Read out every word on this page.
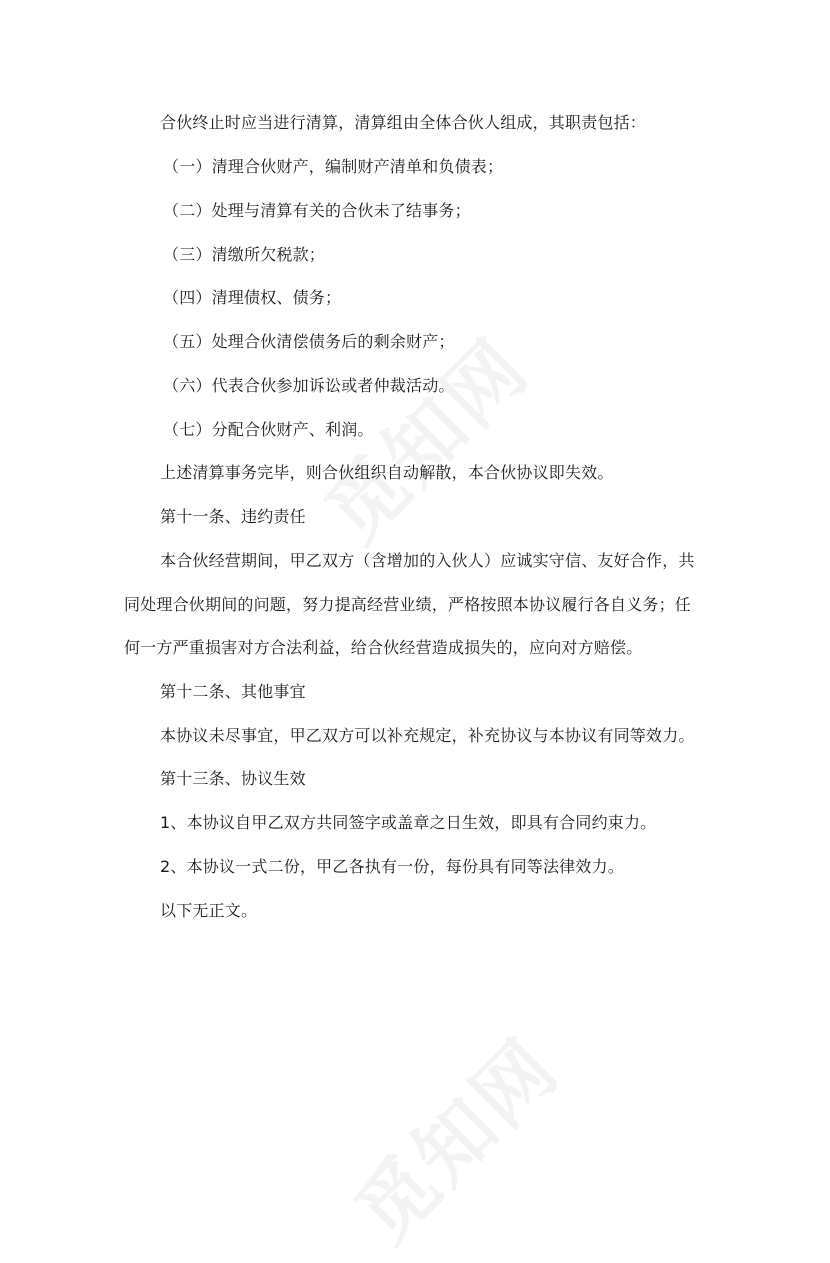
合伙终止时应当进行清算，清算组由全体合伙人组成，其职责包括：

（一）清理合伙财产，编制财产清单和负债表；

（二）处理与清算有关的合伙未了结事务；

（三）清缴所欠税款；

（四）清理债权、债务；

（五）处理合伙清偿债务后的剩余财产；

（六）代表合伙参加诉讼或者仲裁活动。

（七）分配合伙财产、利润。

上述清算事务完毕，则合伙组织自动解散，本合伙协议即失效。

第十一条、违约责任

本合伙经营期间，甲乙双方（含增加的入伙人）应诚实守信、友好合作，共

同处理合伙期间的问题，努力提高经营业绩，严格按照本协议履行各自义务；任

何一方严重损害对方合法利益，给合伙经营造成损失的，应向对方赔偿。

第十二条、其他事宜

本协议未尽事宜，甲乙双方可以补充规定，补充协议与本协议有同等效力。

第十三条、协议生效

1、本协议自甲乙双方共同签字或盖章之日生效，即具有合同约束力。

2、本协议一式二份，甲乙各执有一份，每份具有同等法律效力。

以下无正文。
